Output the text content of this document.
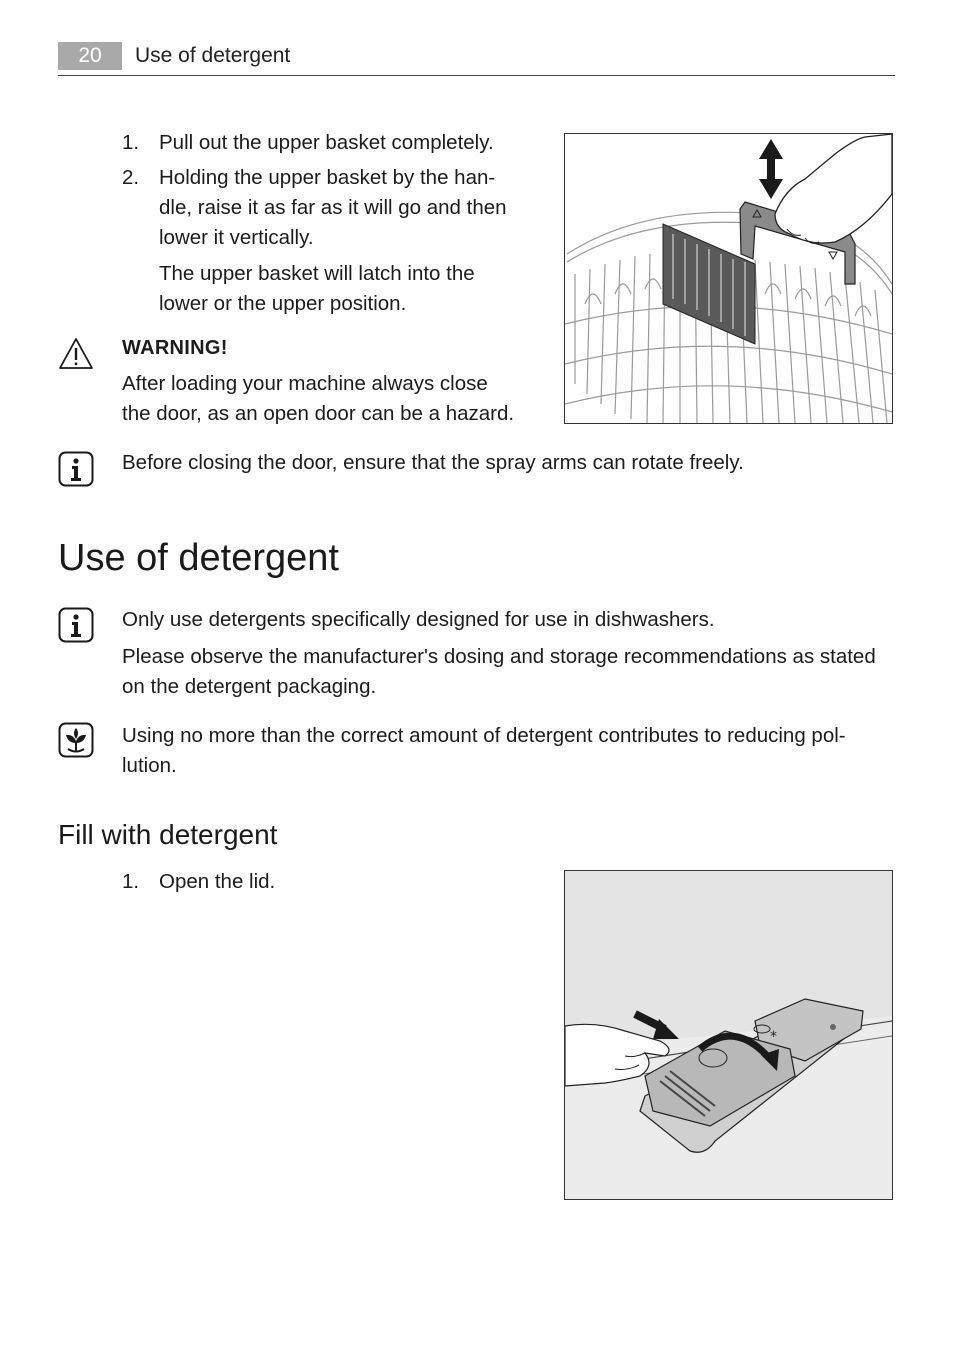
20	Use of detergent
1. Pull out the upper basket completely.
2. Holding the upper basket by the han-
dle, raise it as far as it will go and then
lower it vertically.
The upper basket will latch into the
lower or the upper position.
WARNING!
After loading your machine always close
the door, as an open door can be a hazard.
Before closing the door, ensure that the spray arms can rotate freely.
Use of detergent
Only use detergents specifically designed for use in dishwashers.
Please observe the manufacturer's dosing and storage recommendations as stated
on the detergent packaging.
Using no more than the correct amount of detergent contributes to reducing pol-
lution.
Fill with detergent
1. Open the lid.
*
